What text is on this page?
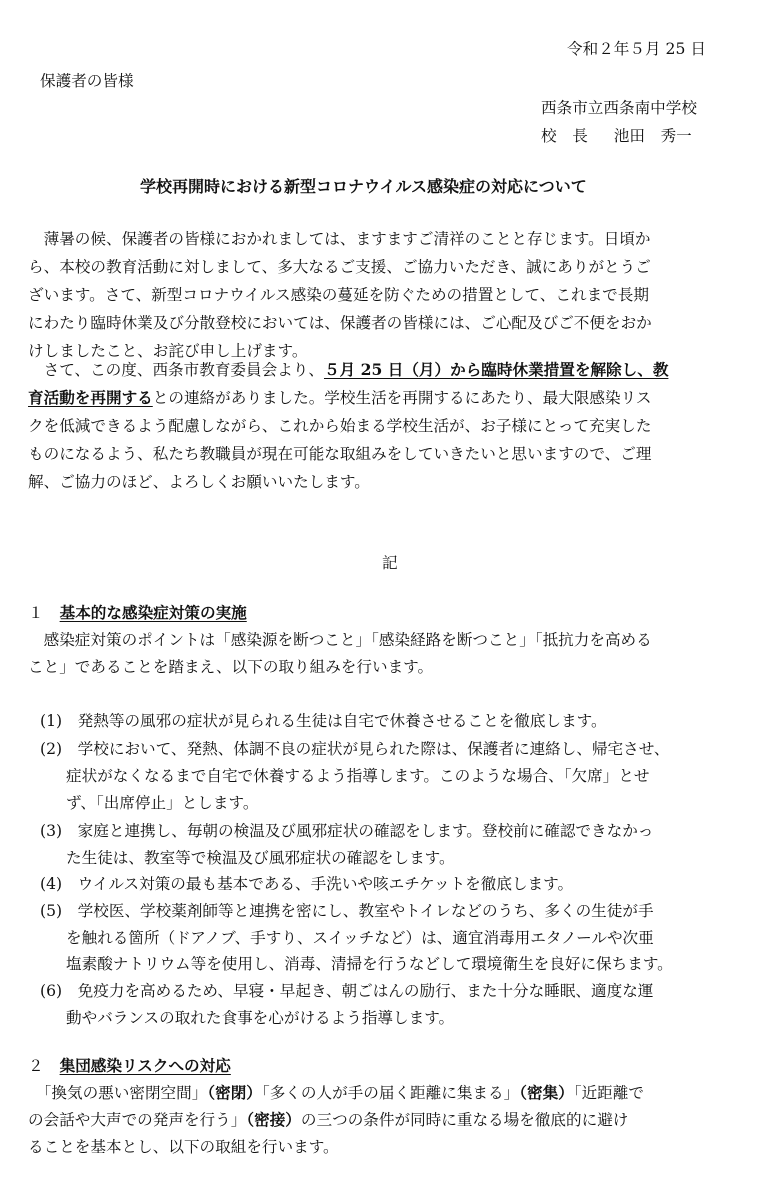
令和２年５月 25 日
保護者の皆様
西条市立西条南中学校
校　長 池田　秀一
学校再開時における新型コロナウイルス感染症の対応について
　薄暑の候、保護者の皆様におかれましては、ますますご清祥のことと存じます。日頃か
ら、本校の教育活動に対しまして、多大なるご支援、ご協力いただき、誠にありがとうご
ざいます。さて、新型コロナウイルス感染の蔓延を防ぐための措置として、これまで長期
にわたり臨時休業及び分散登校においては、保護者の皆様には、ご心配及びご不便をおか
けしましたこと、お詫び申し上げます。
　さて、この度、西条市教育委員会より、５月 25 日（月）から臨時休業措置を解除し、教
育活動を再開するとの連絡がありました。学校生活を再開するにあたり、最大限感染リス
クを低減できるよう配慮しながら、これから始まる学校生活が、お子様にとって充実した
ものになるよう、私たち教職員が現在可能な取組みをしていきたいと思いますので、ご理
解、ご協力のほど、よろしくお願いいたします。
記
１ 基本的な感染症対策の実施
　感染症対策のポイントは「感染源を断つこと」「感染経路を断つこと」「抵抗力を高める
こと」であることを踏まえ、以下の取り組みを行います。
(1)　発熱等の風邪の症状が見られる生徒は自宅で休養させることを徹底します。
(2)　学校において、発熱、体調不良の症状が見られた際は、保護者に連絡し、帰宅させ、
症状がなくなるまで自宅で休養するよう指導します。このような場合、「欠席」とせ
ず、「出席停止」とします。
(3)　家庭と連携し、毎朝の検温及び風邪症状の確認をします。登校前に確認できなかっ
た生徒は、教室等で検温及び風邪症状の確認をします。
(4)　ウイルス対策の最も基本である、手洗いや咳エチケットを徹底します。
(5)　学校医、学校薬剤師等と連携を密にし、教室やトイレなどのうち、多くの生徒が手
を触れる箇所（ドアノブ、手すり、スイッチなど）は、適宜消毒用エタノールや次亜
塩素酸ナトリウム等を使用し、消毒、清掃を行うなどして環境衛生を良好に保ちます。
(6)　免疫力を高めるため、早寝・早起き、朝ごはんの励行、また十分な睡眠、適度な運
動やバランスの取れた食事を心がけるよう指導します。
２ 集団感染リスクへの対応
　「換気の悪い密閉空間」（密閉）「多くの人が手の届く距離に集まる」（密集）「近距離で
の会話や大声での発声を行う」（密接）の三つの条件が同時に重なる場を徹底的に避け
ることを基本とし、以下の取組を行います。
